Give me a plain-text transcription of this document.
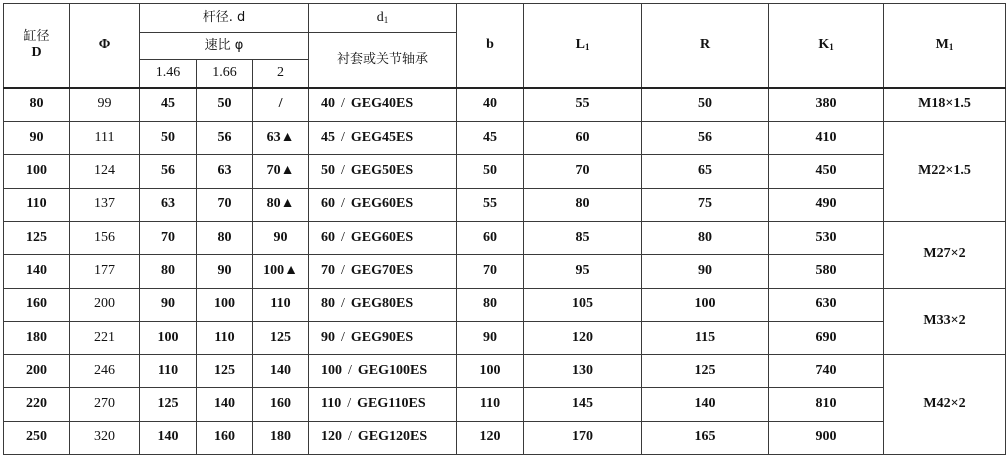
缸径
D	Φ	杆径. d			$d_1$	b	$L_1$	R	$K_1$	$M_1$
		速比 φ			衬套或关节轴承					
		1.46	1.66	2						
80	99	45	50	/	40 / GEG40ES	40	55	50	380	M18×1.5
90	111	50	56	63▲	45 / GEG45ES	45	60	56	410	M22×1.5
100	124	56	63	70▲	50 / GEG50ES	50	70	65	450	
110	137	63	70	80▲	60 / GEG60ES	55	80	75	490	
125	156	70	80	90	60 / GEG60ES	60	85	80	530	M27×2
140	177	80	90	100▲	70 / GEG70ES	70	95	90	580	
160	200	90	100	110	80 / GEG80ES	80	105	100	630	M33×2
180	221	100	110	125	90 / GEG90ES	90	120	115	690	
200	246	110	125	140	100 / GEG100ES	100	130	125	740	M42×2
220	270	125	140	160	110 / GEG110ES	110	145	140	810	
250	320	140	160	180	120 / GEG120ES	120	170	165	900	
